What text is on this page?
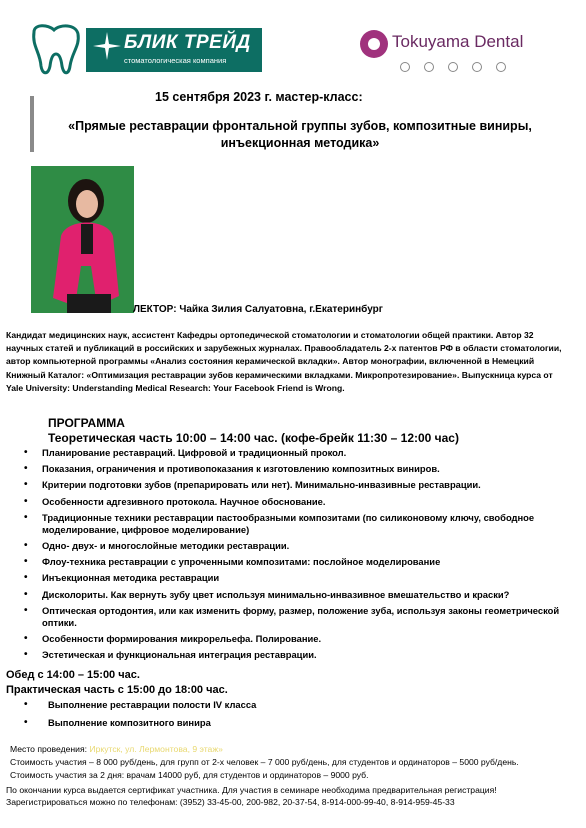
БЛИК ТРЕЙД
стоматологическая компания
Tokuyama Dental
15 сентября 2023 г. мастер-класс:
«Прямые реставрации фронтальной группы зубов, композитные виниры,
инъекционная методика»
ЛЕКТОР: Чайка Зилия Салуатовна, г.Екатеринбург
Кандидат медицинских наук, ассистент Кафедры ортопедической стоматологии и стоматологии общей практики. Автор 32
научных статей и публикаций в российских и зарубежных журналах. Правообладатель 2-х патентов РФ в области стоматологии,
автор компьютерной программы «Анализ состояния керамической вкладки». Автор монографии, включенной в Немецкий
Книжный Каталог: «Оптимизация реставрации зубов керамическими вкладками. Микропротезирование». Выпускница курса от
Yale University: Understanding Medical Research: Your Facebook Friend is Wrong.
ПРОГРАММА
Теоретическая часть 10:00 – 14:00 час. (кофе-брейк 11:30 – 12:00 час)
• Планирование реставраций. Цифровой и традиционный прокол.
• Показания, ограничения и противопоказания к изготовлению композитных виниров.
• Критерии подготовки зубов (препарировать или нет). Минимально-инвазивные реставрации.
• Особенности адгезивного протокола. Научное обоснование.
• Традиционные техники реставрации пастообразными композитами (по силиконовому ключу, свободное моделирование, цифровое моделирование)
• Одно- двух- и многослойные методики реставрации.
• Флоу-техника реставрации с упроченными композитами: послойное моделирование
• Инъекционная методика реставрации
• Дисколориты. Как вернуть зубу цвет используя минимально-инвазивное вмешательство и краски?
• Оптическая ортодонтия, или как изменить форму, размер, положение зуба, используя законы геометрической оптики.
• Особенности формирования микрорельефа. Полирование.
• Эстетическая и функциональная интеграция реставрации.
Обед с 14:00 – 15:00 час.
Практическая часть с 15:00 до 18:00 час.
• Выполнение реставрации полости IV класса
• Выполнение композитного винира
Место проведения: Иркутск, ул. Лермонтова, 9 этаж»
Стоимость участия – 8 000 руб/день, для групп от 2-х человек – 7 000 руб/день, для студентов и ординаторов – 5000 руб/день.
Стоимость участия за 2 дня: врачам 14000 руб, для студентов и ординаторов – 9000 руб.
По окончании курса выдается сертификат участника. Для участия в семинаре необходима предварительная регистрация!
Зарегистрироваться можно по телефонам: (3952) 33-45-00, 200-982, 20-37-54, 8-914-000-99-40, 8-914-959-45-33
